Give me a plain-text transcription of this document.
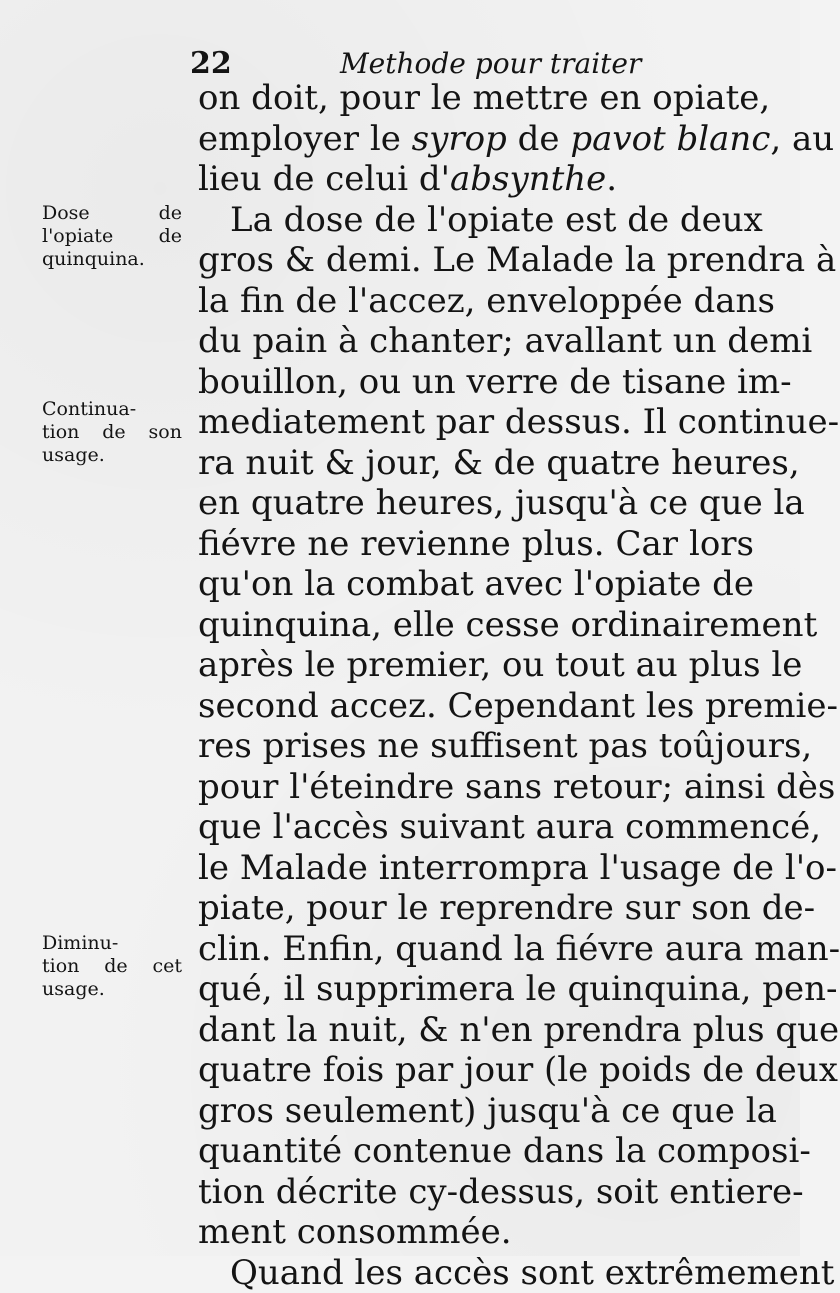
22	Methode pour traiter
Dose de
l'opiate de
quinquina.
Continua-
tion de son
usage.
Diminu-
tion de cet
usage.
on doit, pour le mettre en opiate,
employer le syrop de pavot blanc, au
lieu de celui d'absynthe.
La dose de l'opiate est de deux
gros & demi. Le Malade la prendra à
la fin de l'accez, enveloppée dans
du pain à chanter; avallant un demi
bouillon, ou un verre de tisane im-
mediatement par dessus. Il continue-
ra nuit & jour, & de quatre heures,
en quatre heures, jusqu'à ce que la
fiévre ne revienne plus. Car lors
qu'on la combat avec l'opiate de
quinquina, elle cesse ordinairement
après le premier, ou tout au plus le
second accez. Cependant les premie-
res prises ne suffisent pas toûjours,
pour l'éteindre sans retour; ainsi dès
que l'accès suivant aura commencé,
le Malade interrompra l'usage de l'o-
piate, pour le reprendre sur son de-
clin. Enfin, quand la fiévre aura man-
qué, il supprimera le quinquina, pen-
dant la nuit, & n'en prendra plus que
quatre fois par jour (le poids de deux
gros seulement) jusqu'à ce que la
quantité contenue dans la composi-
tion décrite cy-dessus, soit entiere-
ment consommée.
Quand les accès sont extrêmement
